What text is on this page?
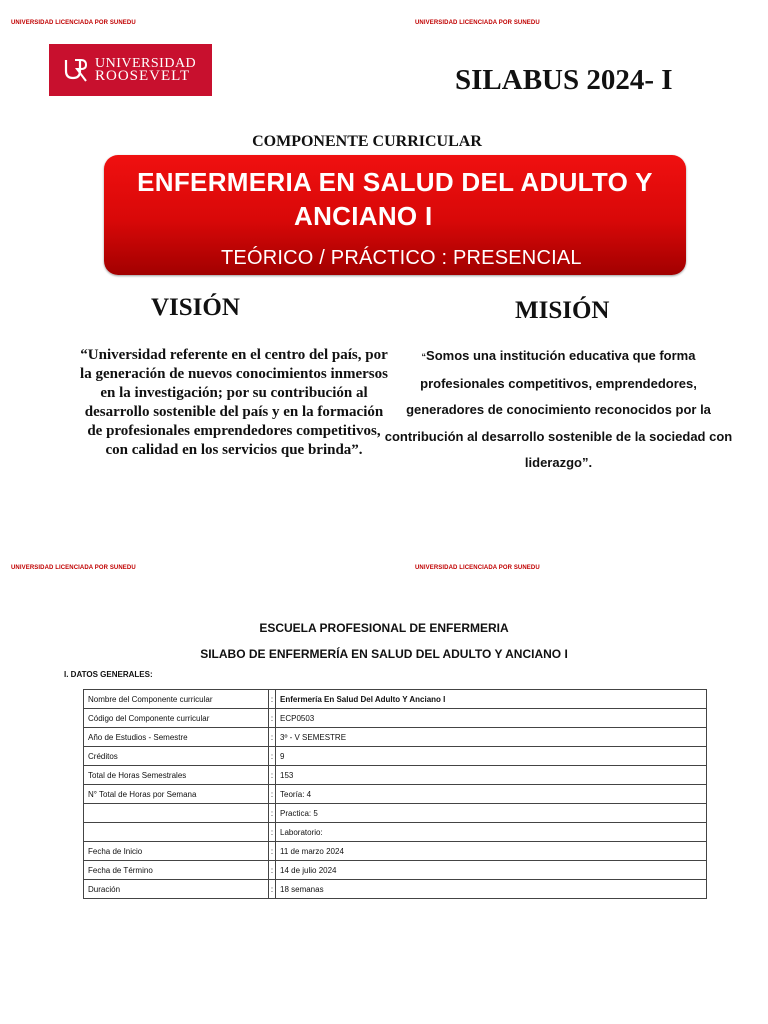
UNIVERSIDAD LICENCIADA POR SUNEDU	UNIVERSIDAD LICENCIADA POR SUNEDU
UNIVERSIDAD
ROOSEVELT	SILABUS 2024- I
COMPONENTE CURRICULAR
ENFERMERIA EN SALUD DEL ADULTO Y
ANCIANO I
TEÓRICO / PRÁCTICO : PRESENCIAL
VISIÓN	MISIÓN
“Universidad referente en el centro del país, por la generación de nuevos conocimientos inmersos en la investigación; por su contribución al desarrollo sostenible del país y en la formación de profesionales emprendedores competitivos, con calidad en los servicios que brinda”.
“Somos una institución educativa que forma profesionales competitivos, emprendedores, generadores de conocimiento reconocidos por la contribución al desarrollo sostenible de la sociedad con liderazgo”.
UNIVERSIDAD LICENCIADA POR SUNEDU	UNIVERSIDAD LICENCIADA POR SUNEDU
ESCUELA PROFESIONAL DE ENFERMERIA
SILABO DE ENFERMERÍA EN SALUD DEL ADULTO Y ANCIANO I
I. DATOS GENERALES:
Nombre del Componente curricular	:	Enfermería En Salud Del Adulto Y Anciano I
Código del Componente curricular	:	ECP0503
Año de Estudios - Semestre	:	3º - V SEMESTRE
Créditos	:	9
Total de Horas Semestrales	:	153
N° Total de Horas por Semana	:	Teoría: 4
	:	Practica: 5
	:	Laboratorio:
Fecha de Inicio	:	11 de marzo 2024
Fecha de Término	:	14 de julio 2024
Duración	:	18 semanas
